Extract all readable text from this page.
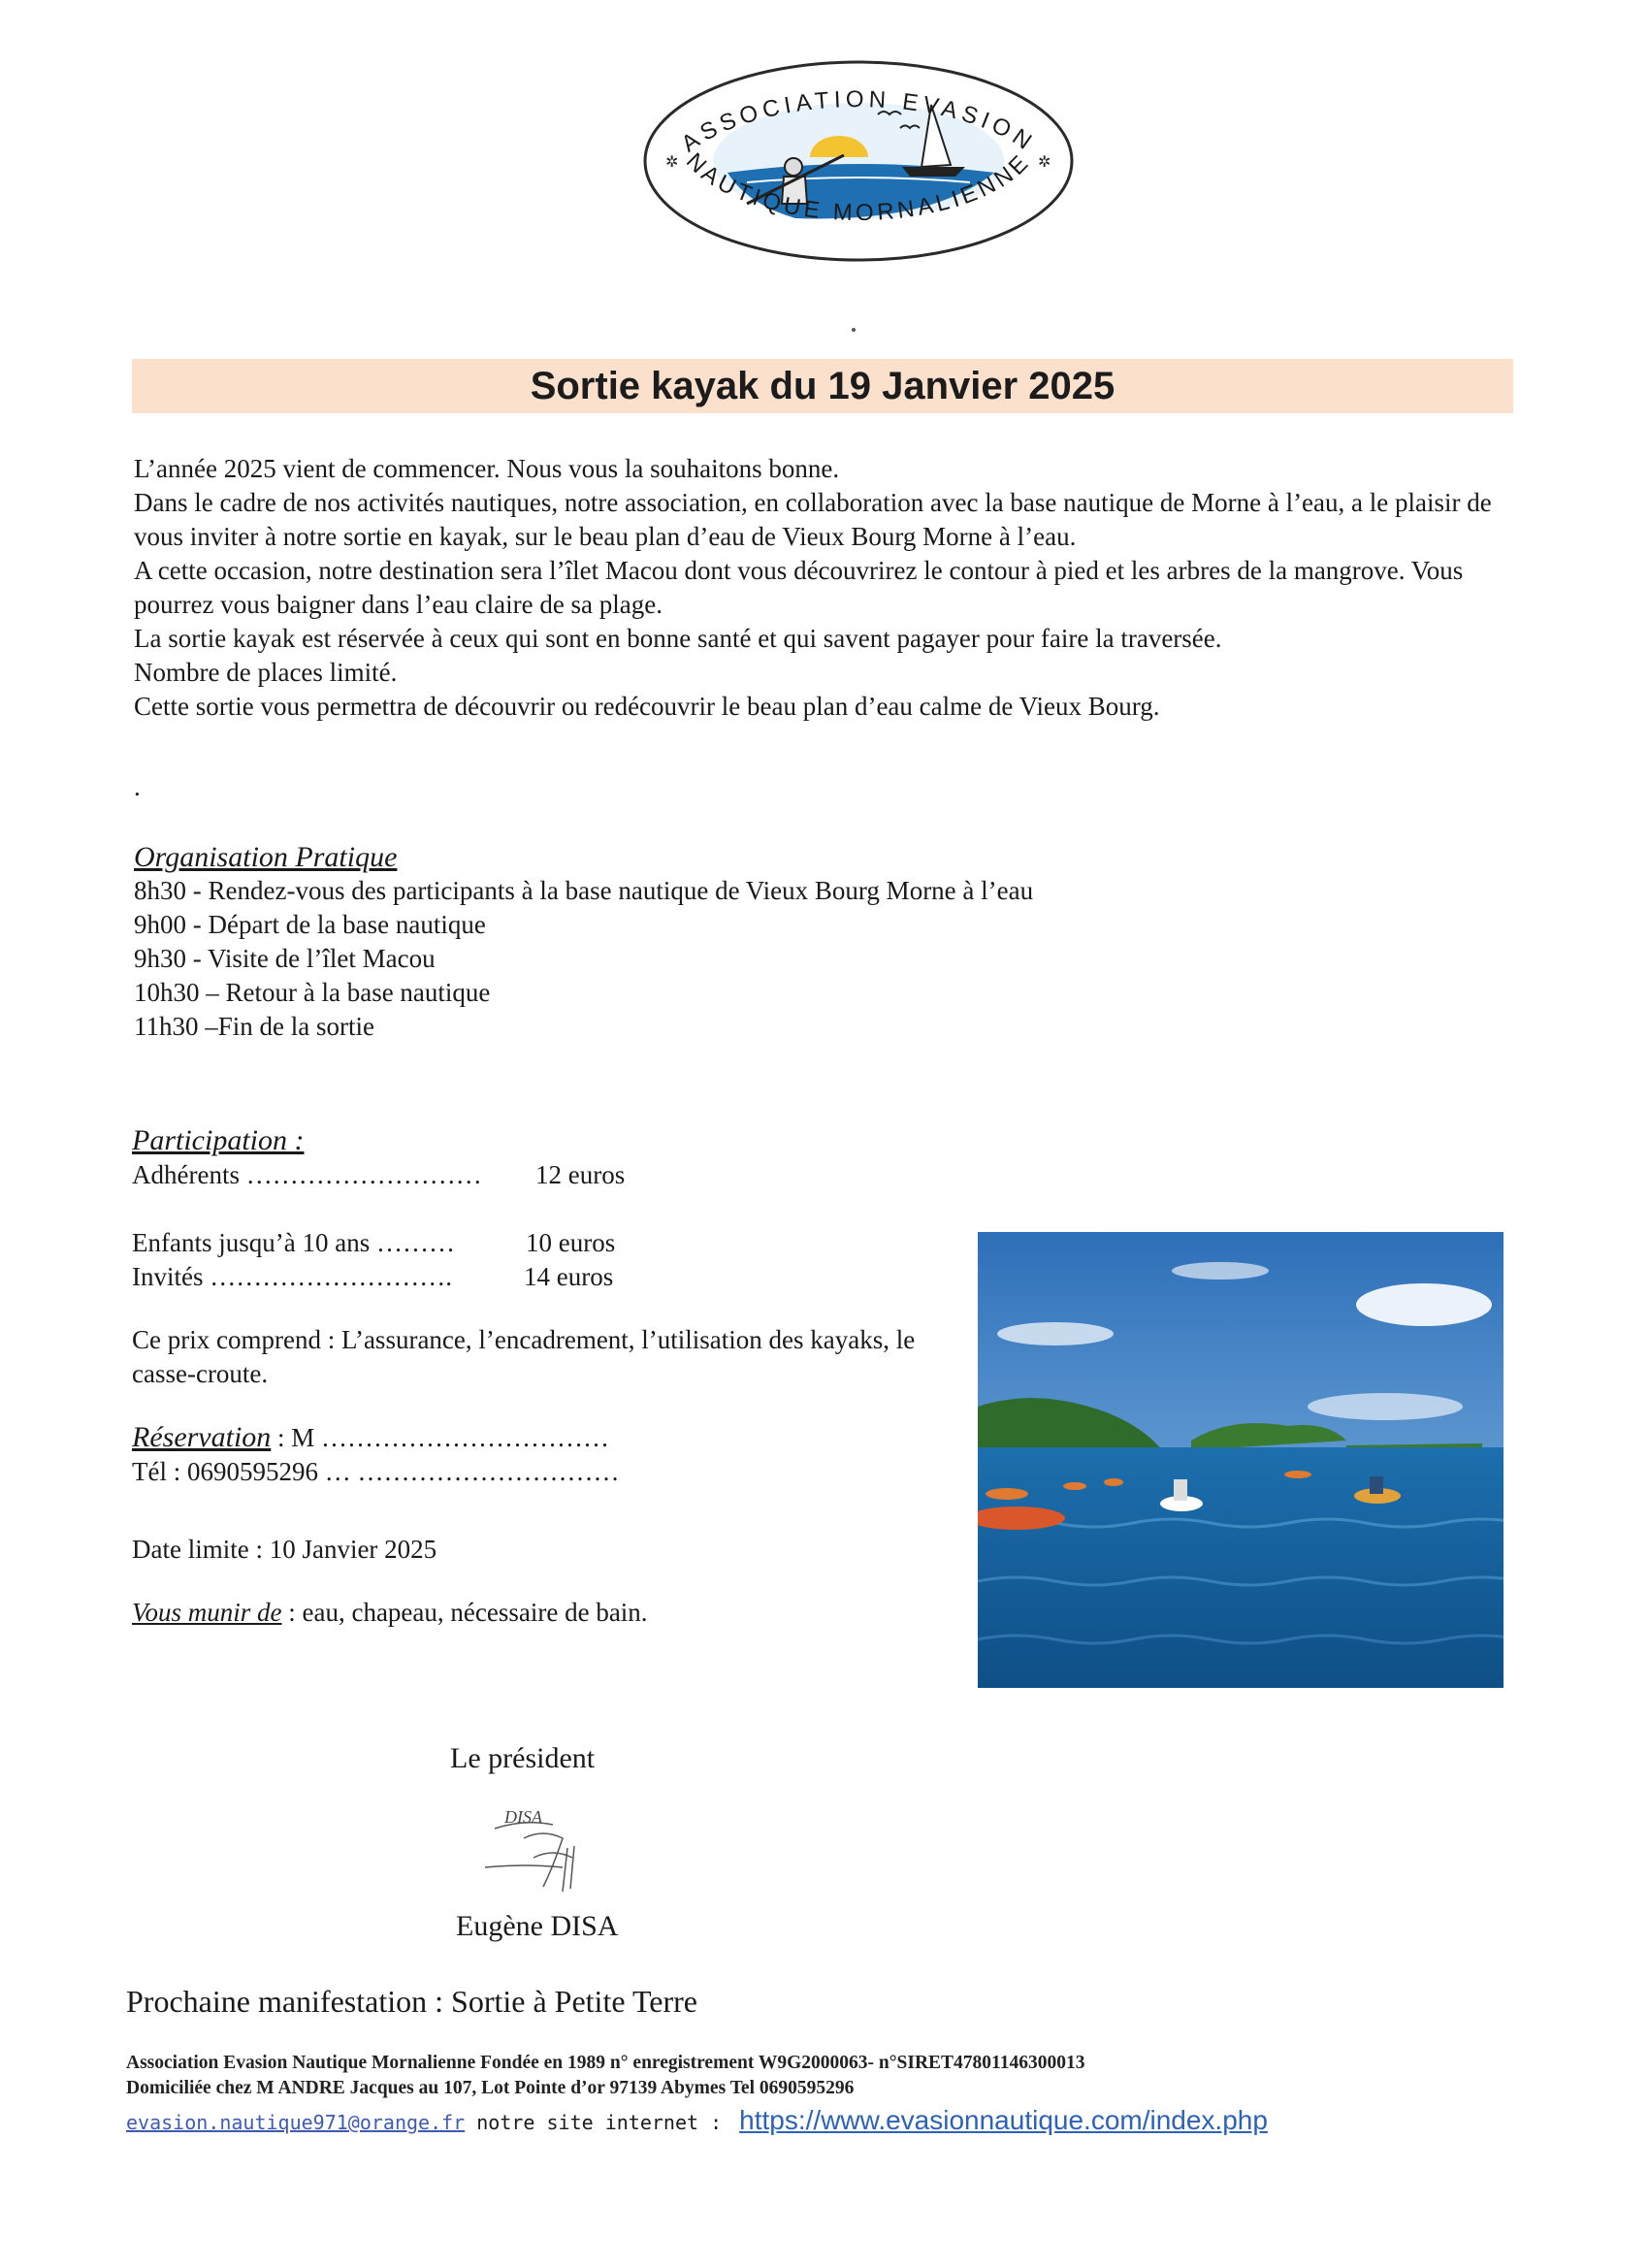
ASSOCIATION EVASION
NAUTIQUE MORNALIENNE
✲	✲
Sortie kayak du 19 Janvier 2025

L’année 2025 vient de commencer. Nous vous la souhaitons bonne.

Dans le cadre de nos activités nautiques, notre association, en collaboration avec la base nautique de Morne à l’eau, a le plaisir de vous inviter à notre sortie en kayak, sur le beau plan d’eau de Vieux Bourg Morne à l’eau.

A cette occasion, notre destination sera l’îlet Macou dont vous découvrirez le contour à pied et les arbres de la mangrove. Vous pourrez vous baigner dans l’eau claire de sa plage.

La sortie kayak est réservée à ceux qui sont en bonne santé et qui savent pagayer pour faire la traversée.

Nombre de places limité.

Cette sortie vous permettra de découvrir ou redécouvrir le beau plan d’eau calme de Vieux Bourg.

.
Organisation Pratique

8h30 - Rendez-vous des participants à la base nautique de Vieux Bourg Morne à l’eau

9h00 - Départ de la base nautique

9h30 - Visite de l’îlet Macou

10h30 – Retour à la base nautique

11h30 –Fin de la sortie

Participation :
Adhérents ………………………	12 euros
Enfants jusqu’à 10 ans ………	10 euros
Invités ……………………….	14 euros

Ce prix comprend : L’assurance, l’encadrement, l’utilisation des kayaks, le casse-croute.

Réservation : M ……………………………

Tél : 0690595296 … …………………………

Date limite : 10 Janvier 2025

Vous munir de : eau, chapeau, nécessaire de bain.

Le président
DISA
Eugène DISA
Prochaine manifestation : Sortie à Petite Terre

Association Evasion Nautique Mornalienne Fondée en 1989 n° enregistrement W9G2000063- n°SIRET47801146300013

Domiciliée chez M ANDRE Jacques au 107, Lot Pointe d’or 97139 Abymes Tel 0690595296

evasion.nautique971@orange.fr notre site internet : https://www.evasionnautique.com/index.php
